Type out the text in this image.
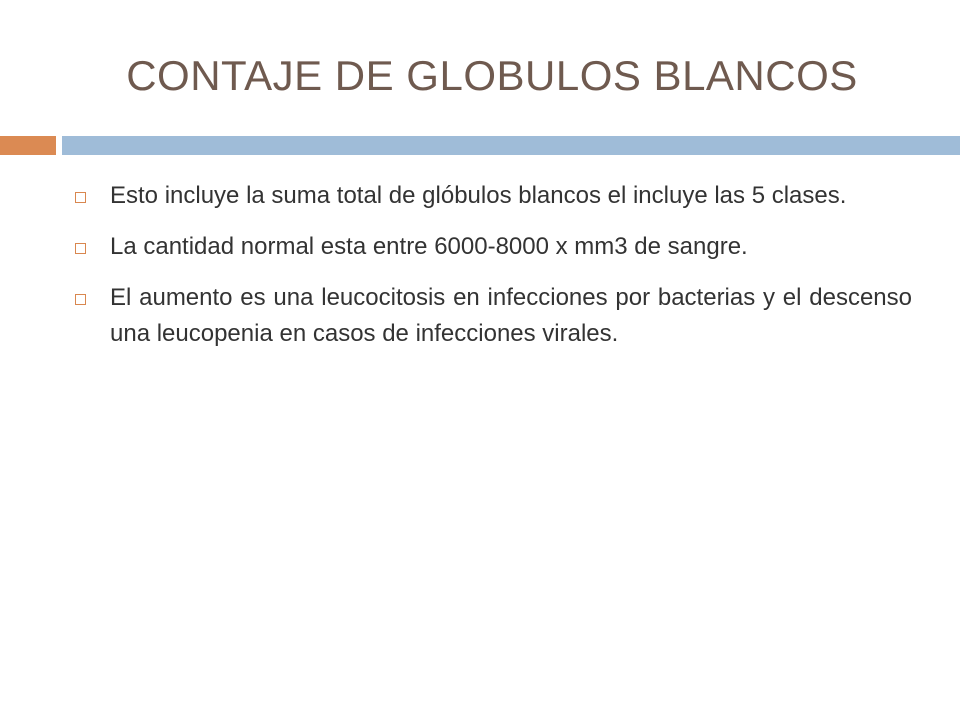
CONTAJE DE GLOBULOS BLANCOS
Esto incluye la suma total de glóbulos blancos el incluye las 5 clases.
La cantidad normal esta entre 6000-8000 x mm3 de sangre.
El aumento es una leucocitosis en infecciones por bacterias y el descenso una leucopenia en casos de infecciones virales.
